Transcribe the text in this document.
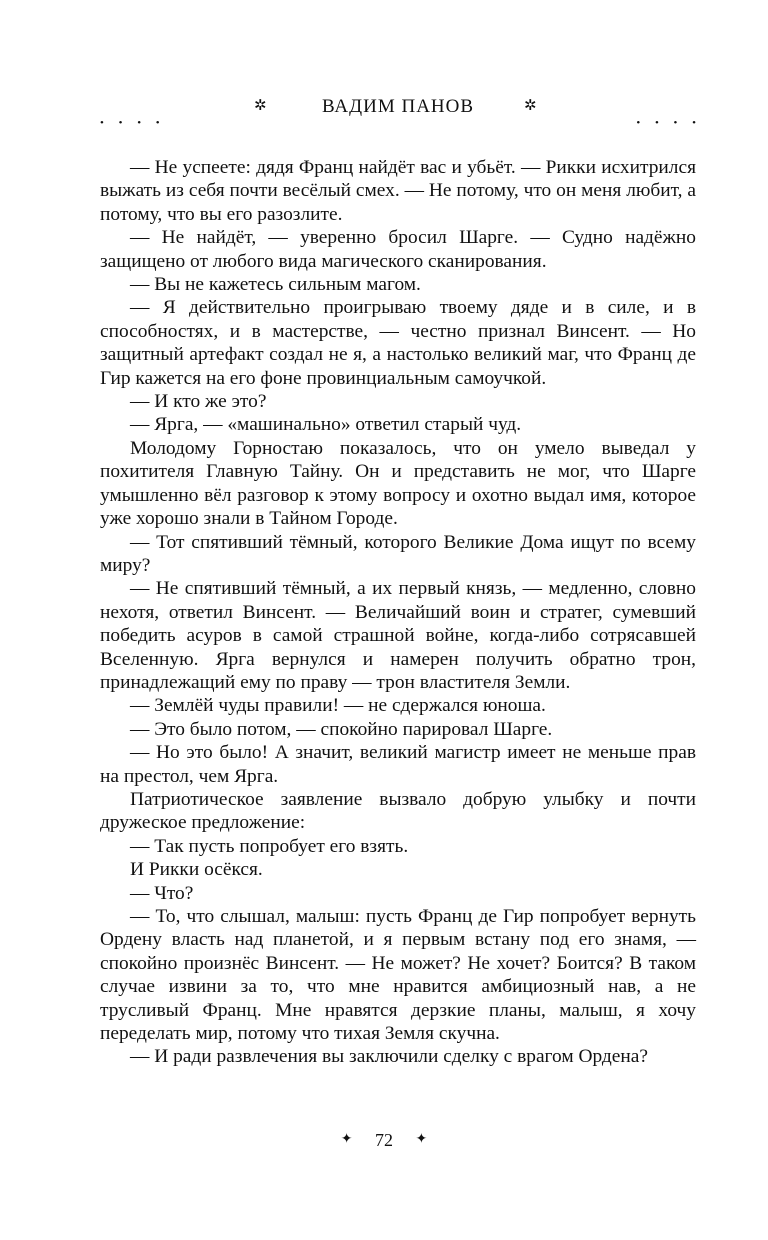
• • • •
✲	ВАДИМ ПАНОВ	✲
• • • •

— Не успеете: дядя Франц найдёт вас и убьёт. — Рикки исхитрился выжать из себя почти весёлый смех. — Не потому, что он меня любит, а потому, что вы его разозлите.

— Не найдёт, — уверенно бросил Шарге. — Судно надёжно защищено от любого вида магического сканирования.

— Вы не кажетесь сильным магом.

— Я действительно проигрываю твоему дяде и в силе, и в способностях, и в мастерстве, — честно признал Винсент. — Но защитный артефакт создал не я, а настолько великий маг, что Франц де Гир кажется на его фоне провинциальным самоучкой.

— И кто же это?

— Ярга, — «машинально» ответил старый чуд.

Молодому Горностаю показалось, что он умело выведал у похитителя Главную Тайну. Он и представить не мог, что Шарге умышленно вёл разговор к этому вопросу и охотно выдал имя, которое уже хорошо знали в Тайном Городе.

— Тот спятивший тёмный, которого Великие Дома ищут по всему миру?

— Не спятивший тёмный, а их первый князь, — медленно, словно нехотя, ответил Винсент. — Величайший воин и стратег, сумевший победить асуров в самой страшной войне, когда-либо сотрясавшей Вселенную. Ярга вернулся и намерен получить обратно трон, принадлежащий ему по праву — трон властителя Земли.

— Землёй чуды правили! — не сдержался юноша.

— Это было потом, — спокойно парировал Шарге.

— Но это было! А значит, великий магистр имеет не меньше прав на престол, чем Ярга.

Патриотическое заявление вызвало добрую улыбку и почти дружеское предложение:

— Так пусть попробует его взять.

И Рикки осёкся.

— Что?

— То, что слышал, малыш: пусть Франц де Гир попробует вернуть Ордену власть над планетой, и я первым встану под его знамя, — спокойно произнёс Винсент. — Не может? Не хочет? Боится? В таком случае извини за то, что мне нравится амбициозный нав, а не трусливый Франц. Мне нравятся дерзкие планы, малыш, я хочу переделать мир, потому что тихая Земля скучна.

— И ради развлечения вы заключили сделку с врагом Ордена?

✦ 72 ✦
